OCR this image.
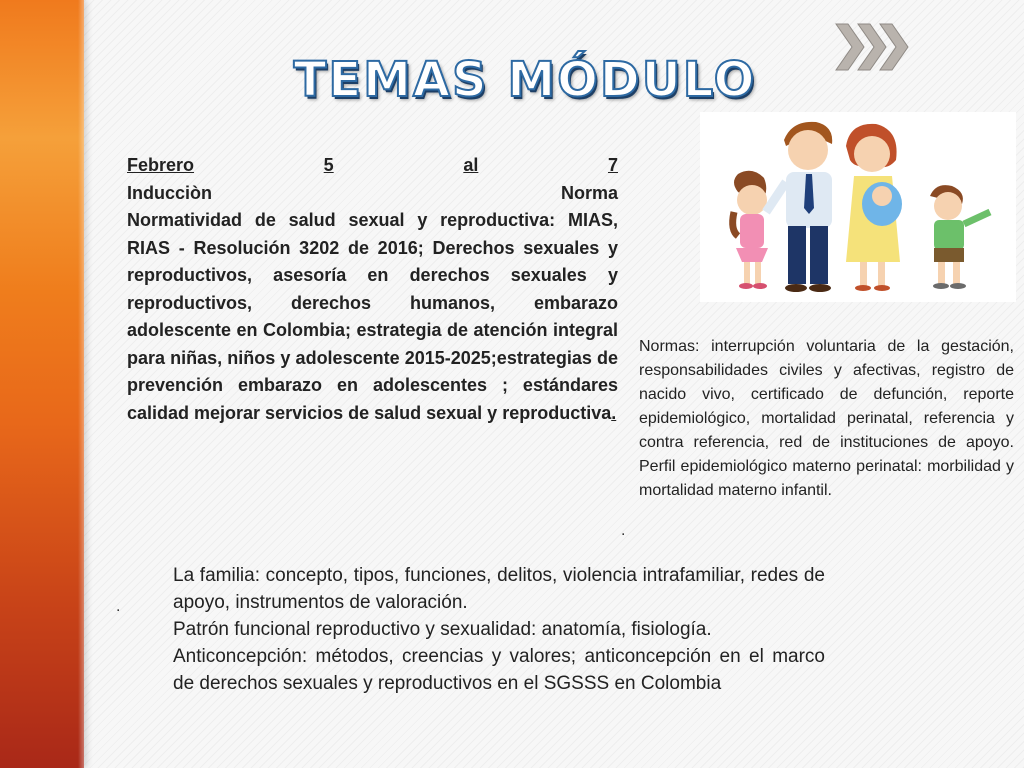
TEMAS MÓDULO
Febrero	5	al	7
Inducciòn	Norma
Normatividad de salud sexual y reproductiva: MIAS, RIAS - Resolución 3202 de 2016; Derechos sexuales y reproductivos, asesoría en derechos sexuales y reproductivos, derechos humanos, embarazo adolescente en Colombia; estrategia de atención integral para niñas, niños y adolescente 2015-2025;estrategias de prevención embarazo en adolescentes ; estándares calidad mejorar servicios de salud sexual y reproductiva.

Normas: interrupción voluntaria de la gestación, responsabilidades civiles y afectivas, registro de nacido vivo, certificado de defunción, reporte epidemiológico, mortalidad perinatal, referencia y contra referencia, red de instituciones de apoyo. Perfil epidemiológico materno perinatal: morbilidad y mortalidad materno infantil.

.
.

La familia: concepto, tipos, funciones, delitos, violencia intrafamiliar, redes de apoyo, instrumentos de valoración.

Patrón funcional reproductivo y sexualidad: anatomía, fisiología.

Anticoncepción: métodos, creencias y valores; anticoncepción en el marco de derechos sexuales y reproductivos en el SGSSS en Colombia
